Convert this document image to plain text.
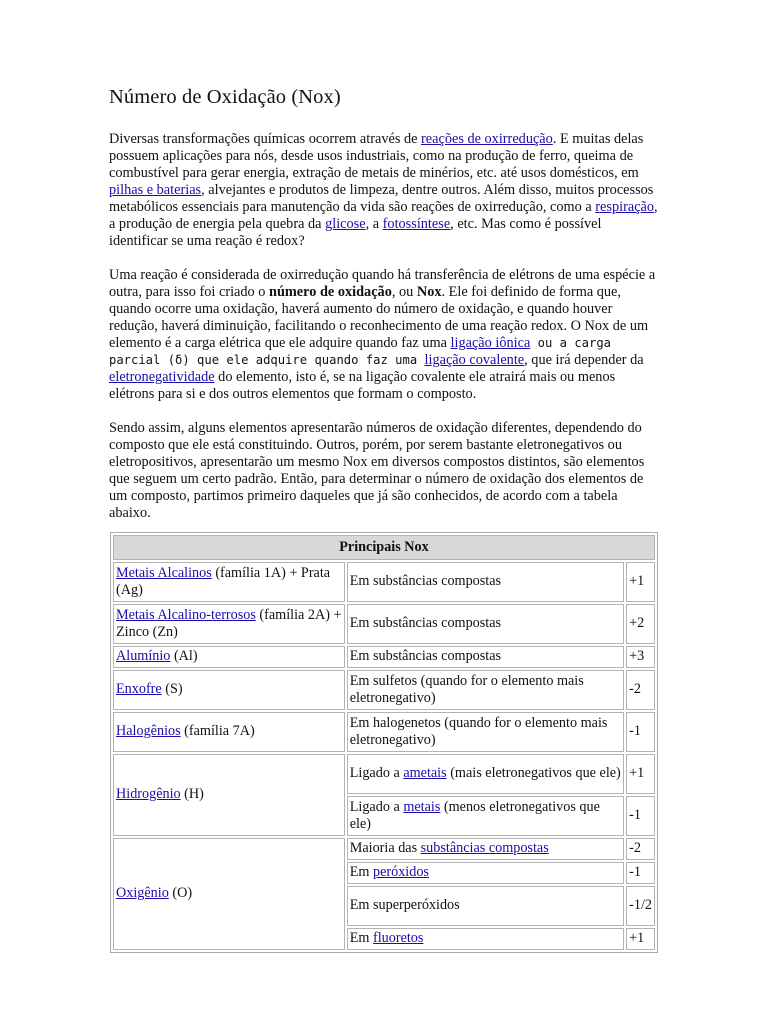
Número de Oxidação (Nox)

Diversas transformações químicas ocorrem através de reações de oxirredução. E muitas delas possuem aplicações para nós, desde usos industriais, como na produção de ferro, queima de combustível para gerar energia, extração de metais de minérios, etc. até usos domésticos, em pilhas e baterias, alvejantes e produtos de limpeza, dentre outros. Além disso, muitos processos metabólicos essenciais para manutenção da vida são reações de oxirredução, como a respiração, a produção de energia pela quebra da glicose, a fotossíntese, etc. Mas como é possível identificar se uma reação é redox?

Uma reação é considerada de oxirredução quando há transferência de elétrons de uma espécie a outra, para isso foi criado o número de oxidação, ou Nox. Ele foi definido de forma que, quando ocorre uma oxidação, haverá aumento do número de oxidação, e quando houver redução, haverá diminuição, facilitando o reconhecimento de uma reação redox. O Nox de um elemento é a carga elétrica que ele adquire quando faz uma ligação iônica ou a carga parcial (δ) que ele adquire quando faz uma ligação covalente, que irá depender da eletronegatividade do elemento, isto é, se na ligação covalente ele atrairá mais ou menos elétrons para si e dos outros elementos que formam o composto.

Sendo assim, alguns elementos apresentarão números de oxidação diferentes, dependendo do composto que ele está constituindo. Outros, porém, por serem bastante eletronegativos ou eletropositivos, apresentarão um mesmo Nox em diversos compostos distintos, são elementos que seguem um certo padrão. Então, para determinar o número de oxidação dos elementos de um composto, partimos primeiro daqueles que já são conhecidos, de acordo com a tabela abaixo.

Principais Nox		
Metais Alcalinos (família 1A) + Prata (Ag)	Em substâncias compostas	+1
Metais Alcalino-terrosos (família 2A) + Zinco (Zn)	Em substâncias compostas	+2
Alumínio (Al)	Em substâncias compostas	+3
Enxofre (S)	Em sulfetos (quando for o elemento mais eletronegativo)	-2
Halogênios (família 7A)	Em halogenetos (quando for o elemento mais eletronegativo)	-1
Hidrogênio (H)	Ligado a ametais (mais eletronegativos que ele)	+1
	Ligado a metais (menos eletronegativos que ele)	-1
Oxigênio (O)	Maioria das substâncias compostas	-2
	Em peróxidos	-1
	Em superperóxidos	-1/2
	Em fluoretos	+1
